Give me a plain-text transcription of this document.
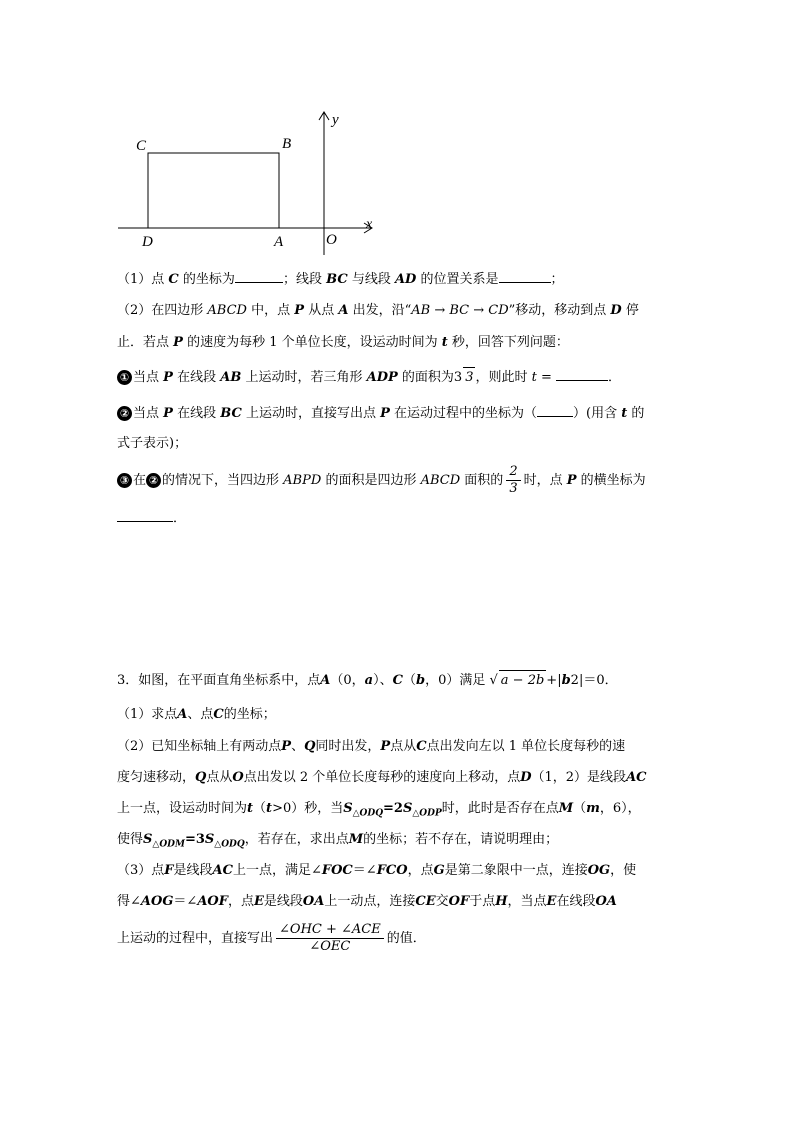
C	B
D	A	O
x
y
（1）点 C 的坐标为	；线段 BC 与线段 AD 的位置关系是	；
（2）在四边形 ABCD 中，点 P 从点 A 出发，沿“AB → BC → CD”移动，移动到点 D 停
止．若点 P 的速度为每秒 1 个单位长度，设运动时间为 t 秒，回答下列问题：
① 当点 P 在线段 AB 上运动时，若三角形 ADP 的面积为3 3 ，则此时 t =	．
② 当点 P 在线段 BC 上运动时，直接写出点 P 在运动过程中的坐标为（	）(用含 t 的
式子表示)；
③ 在 ② 的情况下，当四边形 ABPD 的面积是四边形 ABCD 面积的 $\frac{2}{3}$ 时，点 P 的横坐标为
．
3．如图，在平面直角坐标系中，点A（0，a）、C（b，0）满足 √ a − 2b +|b2|＝0．
（1）求点A、点C的坐标；
（2）已知坐标轴上有两动点P、Q同时出发，P点从C点出发向左以 1 单位长度每秒的速
度匀速移动，Q点从O点出发以 2 个单位长度每秒的速度向上移动，点D（1，2）是线段AC
上一点，设运动时间为t（t>0）秒，当$S_{\triangle ODQ}=2S_{\triangle ODP}$时，此时是否存在点M（m，6），
使得$S_{\triangle ODM}=3S_{\triangle ODQ}$，若存在，求出点M的坐标；若不存在，请说明理由；
（3）点F是线段AC上一点，满足∠FOC＝∠FCO，点G是第二象限中一点，连接OG，使
得∠AOG＝∠AOF，点E是线段OA上一动点，连接CE交OF于点H，当点E在线段OA
上运动的过程中，直接写出 $\frac{\text{∠OHC + ∠ACE}}{\text{∠OEC}}$ 的值．
